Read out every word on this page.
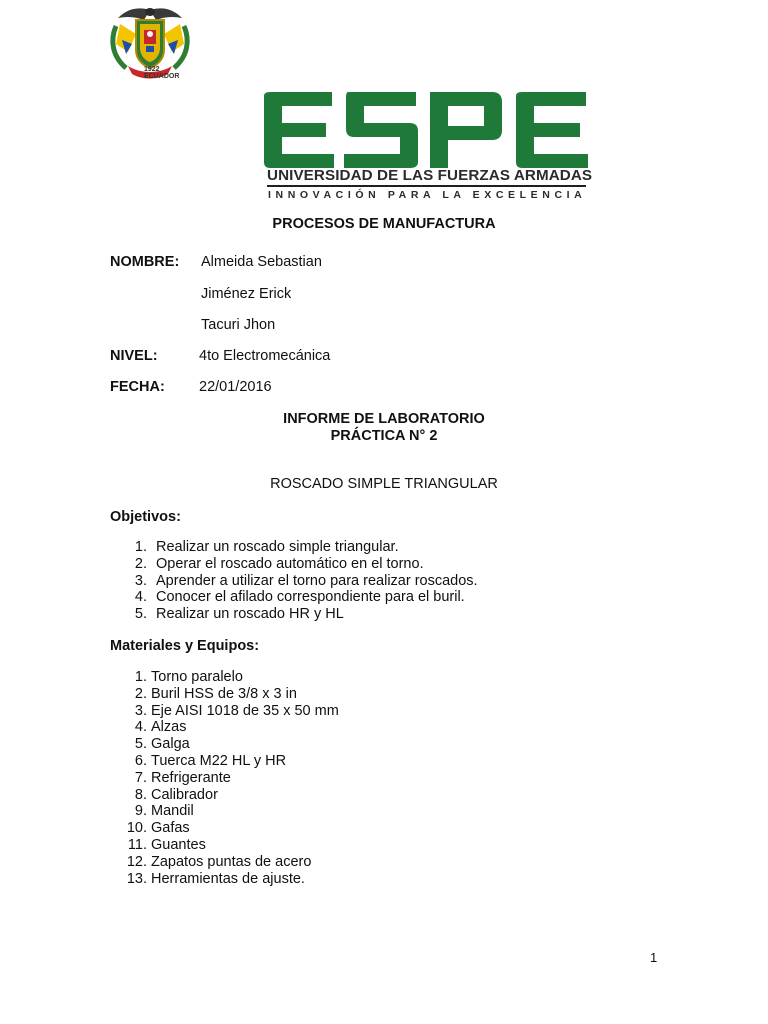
1922 ECUADOR
UNIVERSIDAD DE LAS FUERZAS ARMADAS
INNOVACIÓN PARA LA EXCELENCIA
PROCESOS DE MANUFACTURA
NOMBRE: Almeida Sebastian
Jiménez Erick
Tacuri Jhon
NIVEL:	4to Electromecánica
FECHA: 22/01/2016
INFORME DE LABORATORIO
PRÁCTICA N° 2
ROSCADO SIMPLE TRIANGULAR
Objetivos:
1. Realizar un roscado simple triangular.
2. Operar el roscado automático en el torno.
3. Aprender a utilizar el torno para realizar roscados.
4. Conocer el afilado correspondiente para el buril.
5. Realizar un roscado HR y HL
Materiales y Equipos:
1. Torno paralelo
2. Buril HSS de 3/8 x 3 in
3. Eje AISI 1018 de 35 x 50 mm
4. Alzas
5. Galga
6. Tuerca M22 HL y HR
7. Refrigerante
8. Calibrador
9. Mandil
10. Gafas
11. Guantes
12. Zapatos puntas de acero
13. Herramientas de ajuste.
1
